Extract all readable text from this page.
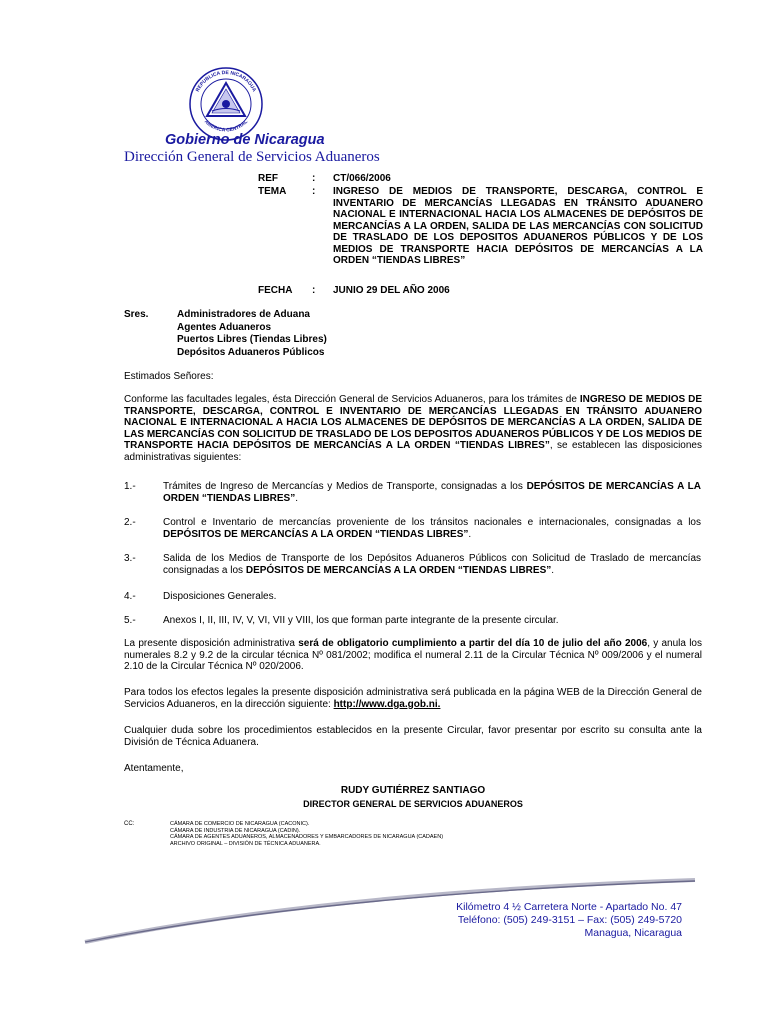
REPUBLICA DE NICARAGUA
AMERICA CENTRAL
Gobierno de Nicaragua
Dirección General de Servicios Aduaneros
REF	:	CT/066/2006
TEMA	:	INGRESO DE MEDIOS DE TRANSPORTE, DESCARGA, CONTROL E INVENTARIO DE MERCANCÍAS LLEGADAS EN TRÁNSITO ADUANERO NACIONAL E INTERNACIONAL HACIA LOS ALMACENES DE DEPÓSITOS DE MERCANCÍAS A LA ORDEN, SALIDA DE LAS MERCANCÍAS CON SOLICITUD DE TRASLADO DE LOS DEPOSITOS ADUANEROS PÚBLICOS Y DE LOS MEDIOS DE TRANSPORTE HACIA DEPÓSITOS DE MERCANCÍAS A LA ORDEN “TIENDAS LIBRES”
FECHA	:	JUNIO 29 DEL AÑO 2006
Sres.	Administradores de Aduana
Agentes Aduaneros
Puertos Libres (Tiendas Libres)
Depósitos Aduaneros Públicos
Estimados Señores:
Conforme las facultades legales, ésta Dirección General de Servicios Aduaneros, para los trámites de INGRESO DE MEDIOS DE TRANSPORTE, DESCARGA, CONTROL E INVENTARIO DE MERCANCÍAS LLEGADAS EN TRÁNSITO ADUANERO NACIONAL E INTERNACIONAL A HACIA LOS ALMACENES DE DEPÓSITOS DE MERCANCÍAS A LA ORDEN, SALIDA DE LAS MERCANCÍAS CON SOLICITUD DE TRASLADO DE LOS DEPOSITOS ADUANEROS PÚBLICOS Y DE LOS MEDIOS DE TRANSPORTE HACIA DEPÓSITOS DE MERCANCÍAS A LA ORDEN “TIENDAS LIBRES”, se establecen las disposiciones administrativas siguientes:
1.-	Trámites de Ingreso de Mercancías y Medios de Transporte, consignadas a los DEPÓSITOS DE MERCANCÍAS A LA ORDEN “TIENDAS LIBRES”.
2.-	Control e Inventario de mercancías proveniente de los tránsitos nacionales e internacionales, consignadas a los DEPÓSITOS DE MERCANCÍAS A LA ORDEN “TIENDAS LIBRES”.
3.-	Salida de los Medios de Transporte de los Depósitos Aduaneros Públicos con Solicitud de Traslado de mercancías consignadas a los DEPÓSITOS DE MERCANCÍAS A LA ORDEN “TIENDAS LIBRES”.
4.-	Disposiciones Generales.
5.-	Anexos I, II, III, IV, V, VI, VII y VIII, los que forman parte integrante de la presente circular.
La presente disposición administrativa será de obligatorio cumplimiento a partir del día 10 de julio del año 2006, y anula los numerales 8.2 y 9.2 de la circular técnica Nº 081/2002; modifica el numeral 2.11 de la Circular Técnica Nº 009/2006 y el numeral 2.10 de la Circular Técnica Nº 020/2006.
Para todos los efectos legales la presente disposición administrativa será publicada en la página WEB de la Dirección General de Servicios Aduaneros, en la dirección siguiente: http://www.dga.gob.ni.
Cualquier duda sobre los procedimientos establecidos en la presente Circular, favor presentar por escrito su consulta ante la División de Técnica Aduanera.
Atentamente,
RUDY GUTIÉRREZ SANTIAGO
DIRECTOR GENERAL DE SERVICIOS ADUANEROS
CC:	CÁMARA DE COMERCIO DE NICARAGUA (CACONIC).
CÁMARA DE INDUSTRIA DE NICARAGUA (CADIN).
CÁMARA DE AGENTES ADUANEROS, ALMACENADORES Y EMBARCADORES DE NICARAGUA (CADAEN)
ARCHIVO ORIGINAL – DIVISIÓN DE TÉCNICA ADUANERA.
Kilómetro 4 ½ Carretera Norte - Apartado No. 47
Teléfono: (505) 249-3151 – Fax: (505) 249-5720
Managua, Nicaragua
